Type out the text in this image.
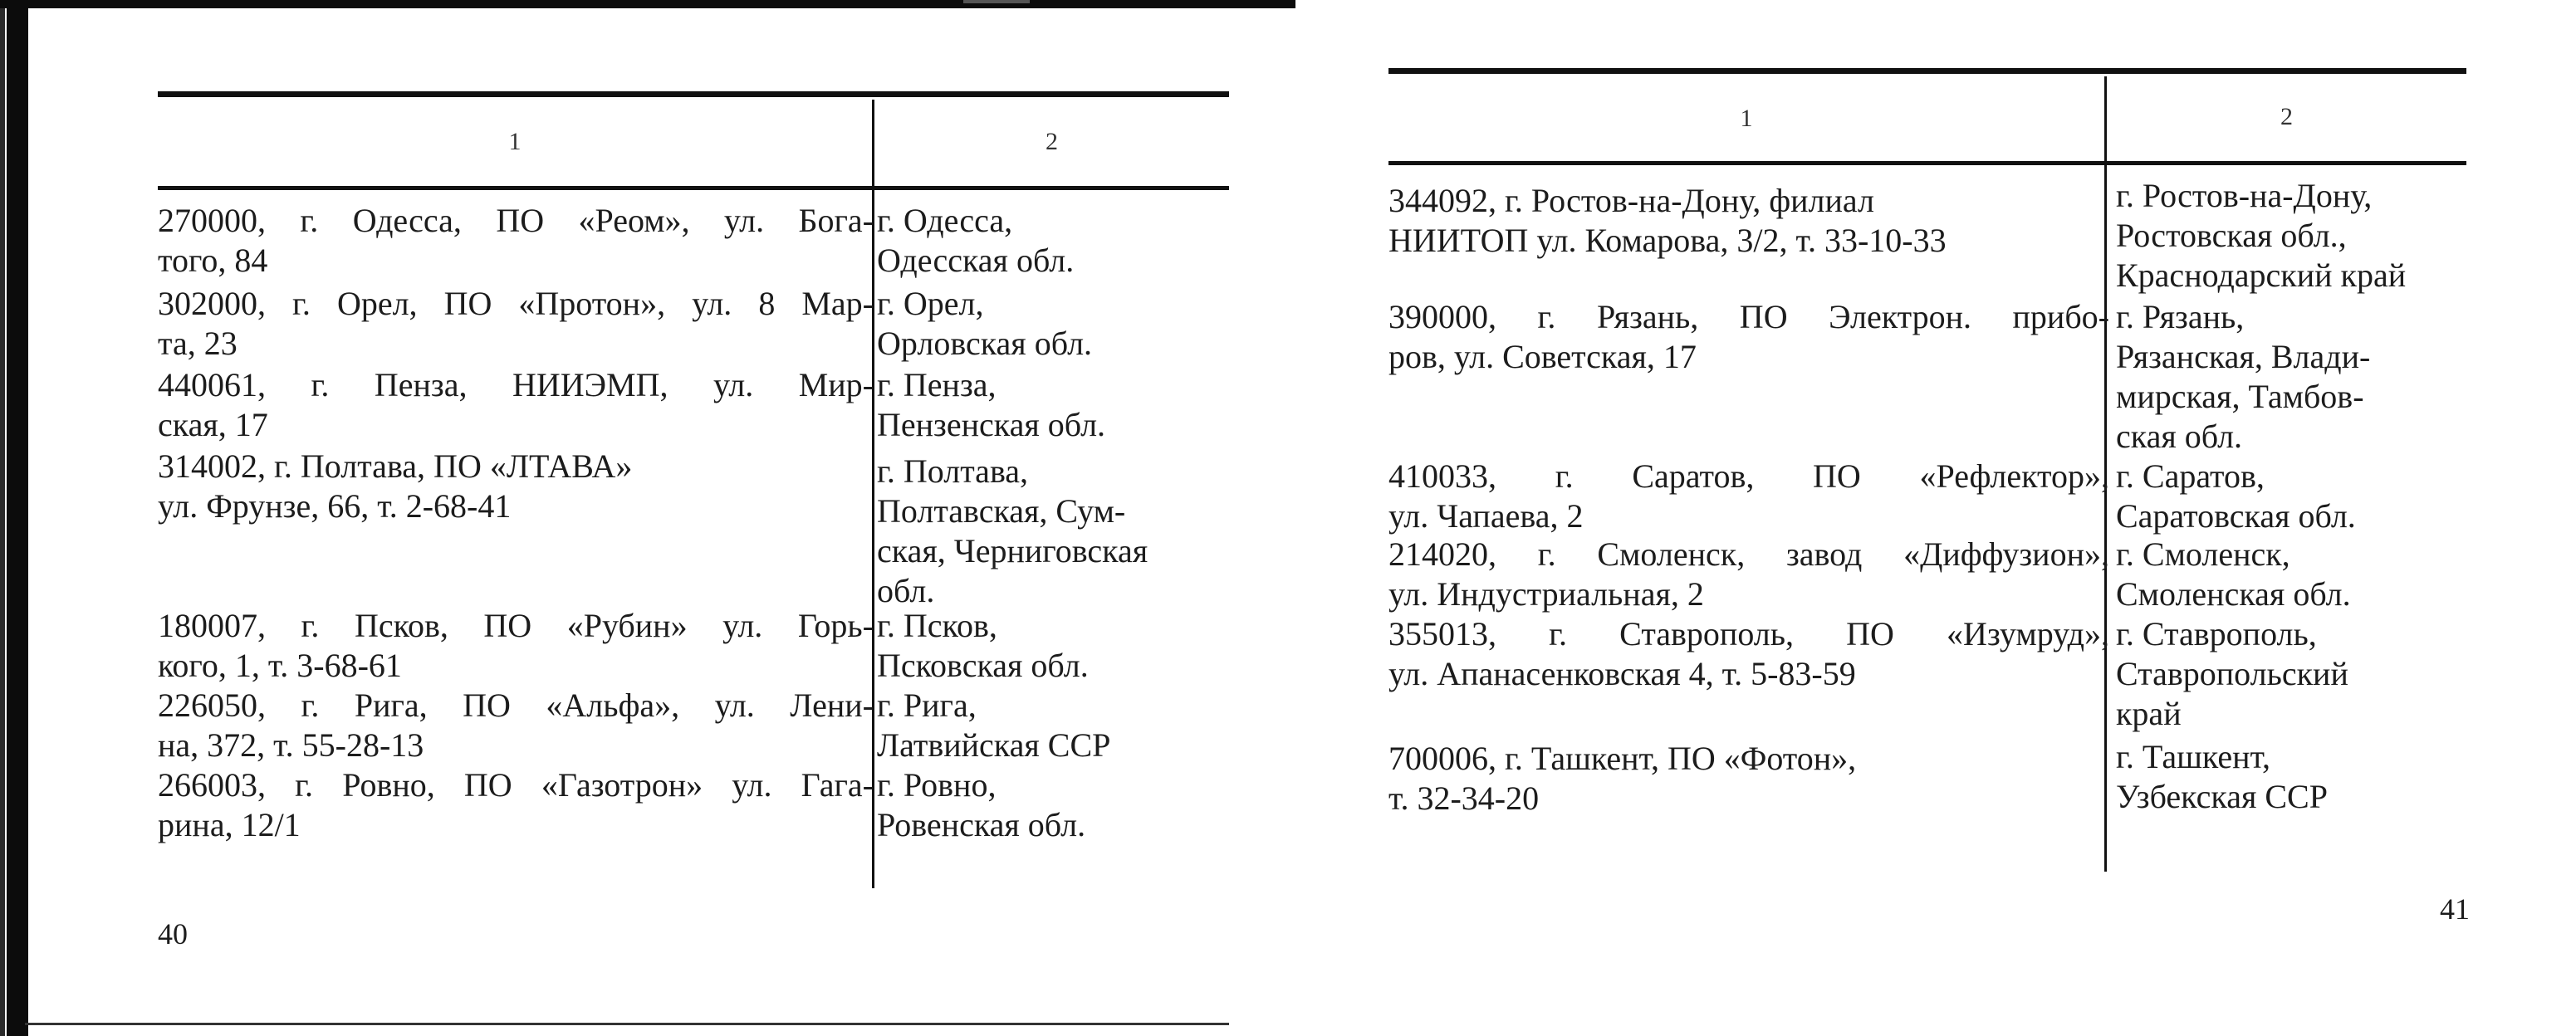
1	2
270000, г. Одесса, ПО «Реом», ул. Бога-
того, 84
г. Одесса,
Одесская обл.
302000, г. Орел, ПО «Протон», ул. 8 Мар-
та, 23
г. Орел,
Орловская обл.
440061, г. Пенза, НИИЭМП, ул. Мир-
ская, 17
г. Пенза,
Пензенская обл.
314002, г. Полтава, ПО «ЛТАВА»
ул. Фрунзе, 66, т. 2-68-41
г. Полтава,
Полтавская, Сум-
ская, Черниговская
обл.
180007, г. Псков, ПО «Рубин» ул. Горь-
кого, 1, т. 3-68-61
г. Псков,
Псковская обл.
226050, г. Рига, ПО «Альфа», ул. Лени-
на, 372, т. 55-28-13
г. Рига,
Латвийская ССР
266003, г. Ровно, ПО «Газотрон» ул. Гага-
рина, 12/1
г. Ровно,
Ровенская обл.
40
1	2
344092, г. Ростов-на-Дону, филиал
НИИТОП ул. Комарова, 3/2, т. 33-10-33
г. Ростов-на-Дону,
Ростовская обл.,
Краснодарский край
390000, г. Рязань, ПО Электрон. прибо-
ров, ул. Советская, 17
г. Рязань,
Рязанская, Влади-
мирская, Тамбов-
ская обл.
410033, г. Саратов, ПО «Рефлектор»,
ул. Чапаева, 2
г. Саратов,
Саратовская обл.
214020, г. Смоленск, завод «Диффузион»,
ул. Индустриальная, 2
г. Смоленск,
Смоленская обл.
355013, г. Ставрополь, ПО «Изумруд»,
ул. Апанасенковская 4, т. 5-83-59
г. Ставрополь,
Ставропольский
край
700006, г. Ташкент, ПО «Фотон»,
т. 32-34-20
г. Ташкент,
Узбекская ССР
41
